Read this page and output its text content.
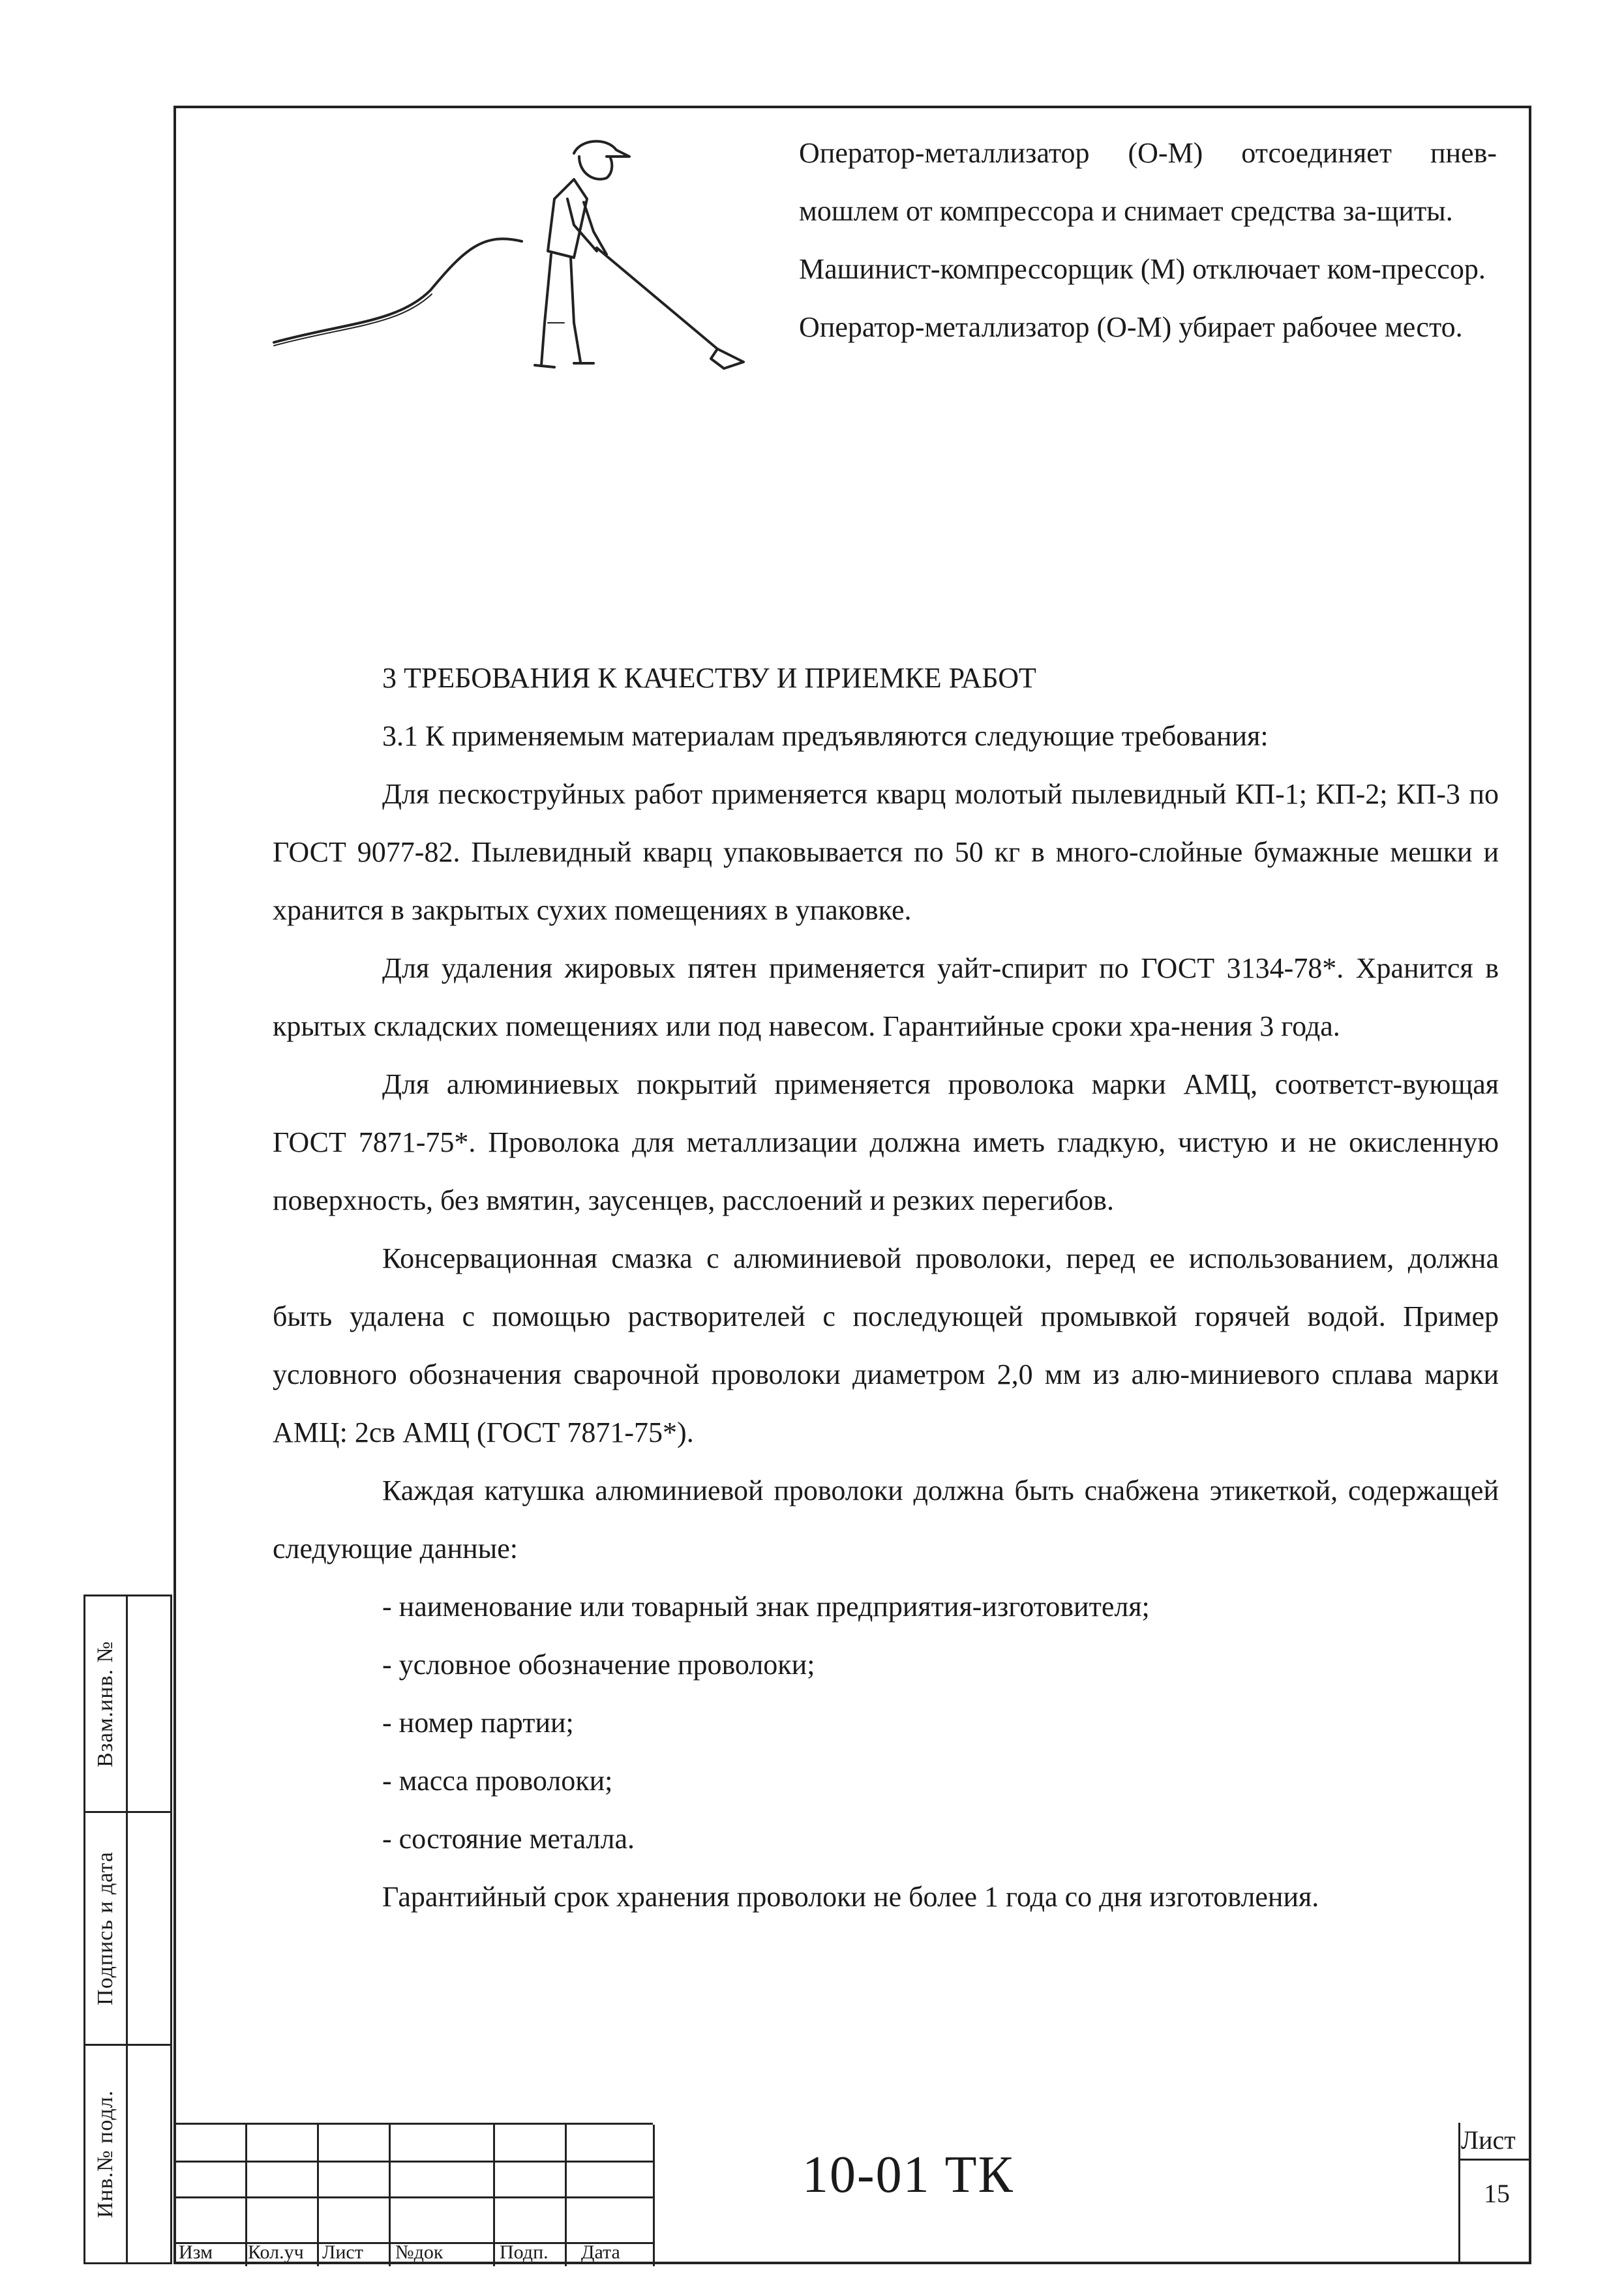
Взам.инв. №
Подпись и дата
Инв.№ подл.

Оператор-металлизатор (О-М) отсоединяет пнев-мошлем от компрессора и снимает средства за-щиты.

Машинист-компрессорщик (М) отключает ком-прессор.

Оператор-металлизатор (О-М) убирает рабочее место.

3 ТРЕБОВАНИЯ К КАЧЕСТВУ И ПРИЕМКЕ РАБОТ

3.1 К применяемым материалам предъявляются следующие требования:

Для пескоструйных работ применяется кварц молотый пылевидный КП-1; КП-2; КП-3 по ГОСТ 9077-82. Пылевидный кварц упаковывается по 50 кг в много-слойные бумажные мешки и хранится в закрытых сухих помещениях в упаковке.

Для удаления жировых пятен применяется уайт-спирит по ГОСТ 3134-78*. Хранится в крытых складских помещениях или под навесом. Гарантийные сроки хра-нения 3 года.

Для алюминиевых покрытий применяется проволока марки АМЦ, соответст-вующая ГОСТ 7871-75*. Проволока для металлизации должна иметь гладкую, чистую и не окисленную поверхность, без вмятин, заусенцев, расслоений и резких перегибов.

Консервационная смазка с алюминиевой проволоки, перед ее использованием, должна быть удалена с помощью растворителей с последующей промывкой горячей водой. Пример условного обозначения сварочной проволоки диаметром 2,0 мм из алю-миниевого сплава марки АМЦ: 2св АМЦ (ГОСТ 7871-75*).

Каждая катушка алюминиевой проволоки должна быть снабжена этикеткой, содержащей следующие данные:

- наименование или товарный знак предприятия-изготовителя;

- условное обозначение проволоки;

- номер партии;

- масса проволоки;

- состояние металла.

Гарантийный срок хранения проволоки не более 1 года со дня изготовления.

Изм Кол.уч Лист №док	Подп. Дата
10-01 ТК
Лист
15
